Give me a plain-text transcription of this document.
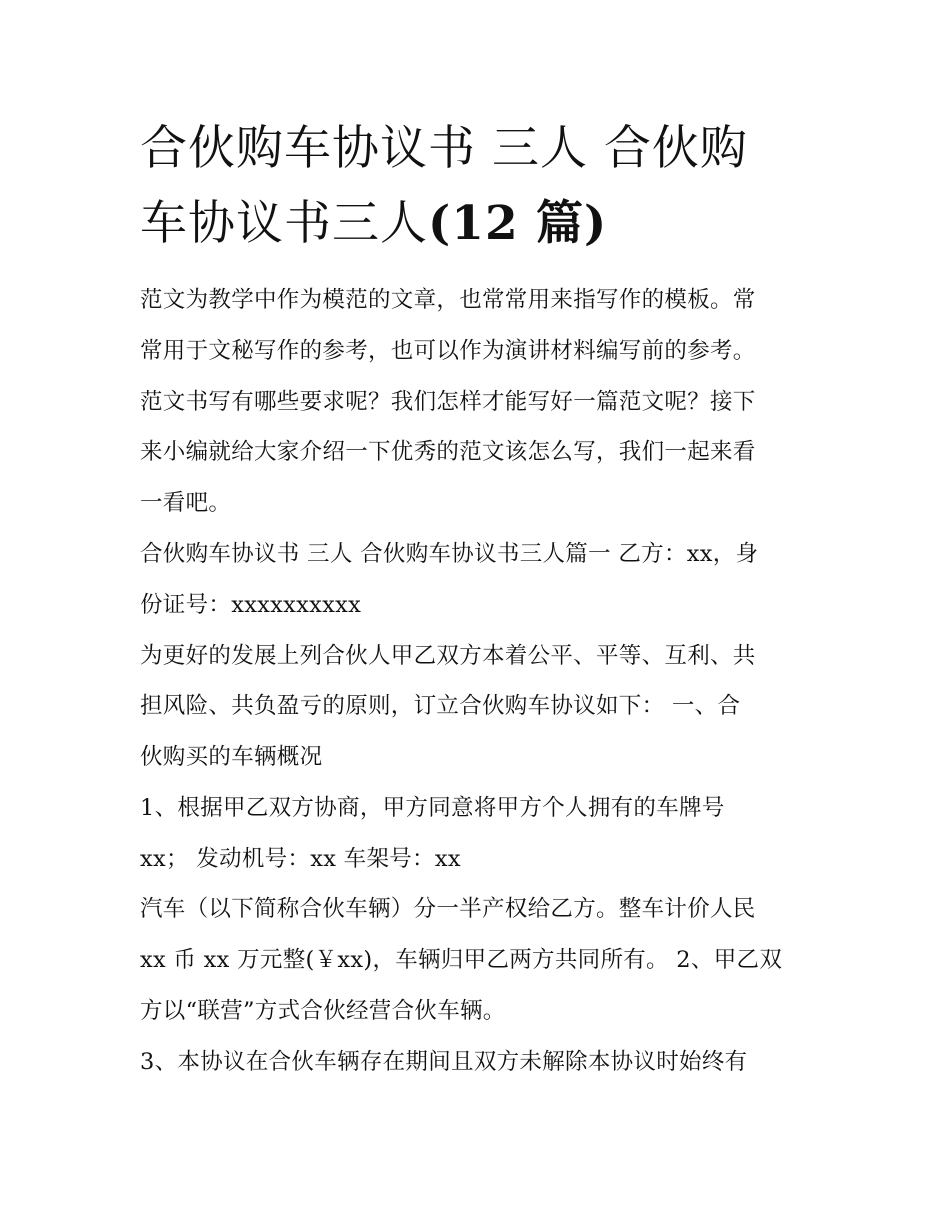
合伙购车协议书 三人 合伙购
车协议书三人(12 篇)

范文为教学中作为模范的文章，也常常用来指写作的模板。常

常用于文秘写作的参考，也可以作为演讲材料编写前的参考。

范文书写有哪些要求呢？我们怎样才能写好一篇范文呢？接下

来小编就给大家介绍一下优秀的范文该怎么写，我们一起来看

一看吧。

合伙购车协议书 三人 合伙购车协议书三人篇一 乙方：xx，身

份证号：xxxxxxxxxx

为更好的发展上列合伙人甲乙双方本着公平、平等、互利、共

担风险、共负盈亏的原则，订立合伙购车协议如下： 一、合

伙购买的车辆概况

1、根据甲乙双方协商，甲方同意将甲方个人拥有的车牌号

xx； 发动机号：xx 车架号：xx

汽车（以下简称合伙车辆）分一半产权给乙方。整车计价人民

xx 币 xx 万元整(￥xx)，车辆归甲乙两方共同所有。 2、甲乙双

方以“联营”方式合伙经营合伙车辆。

3、本协议在合伙车辆存在期间且双方未解除本协议时始终有
